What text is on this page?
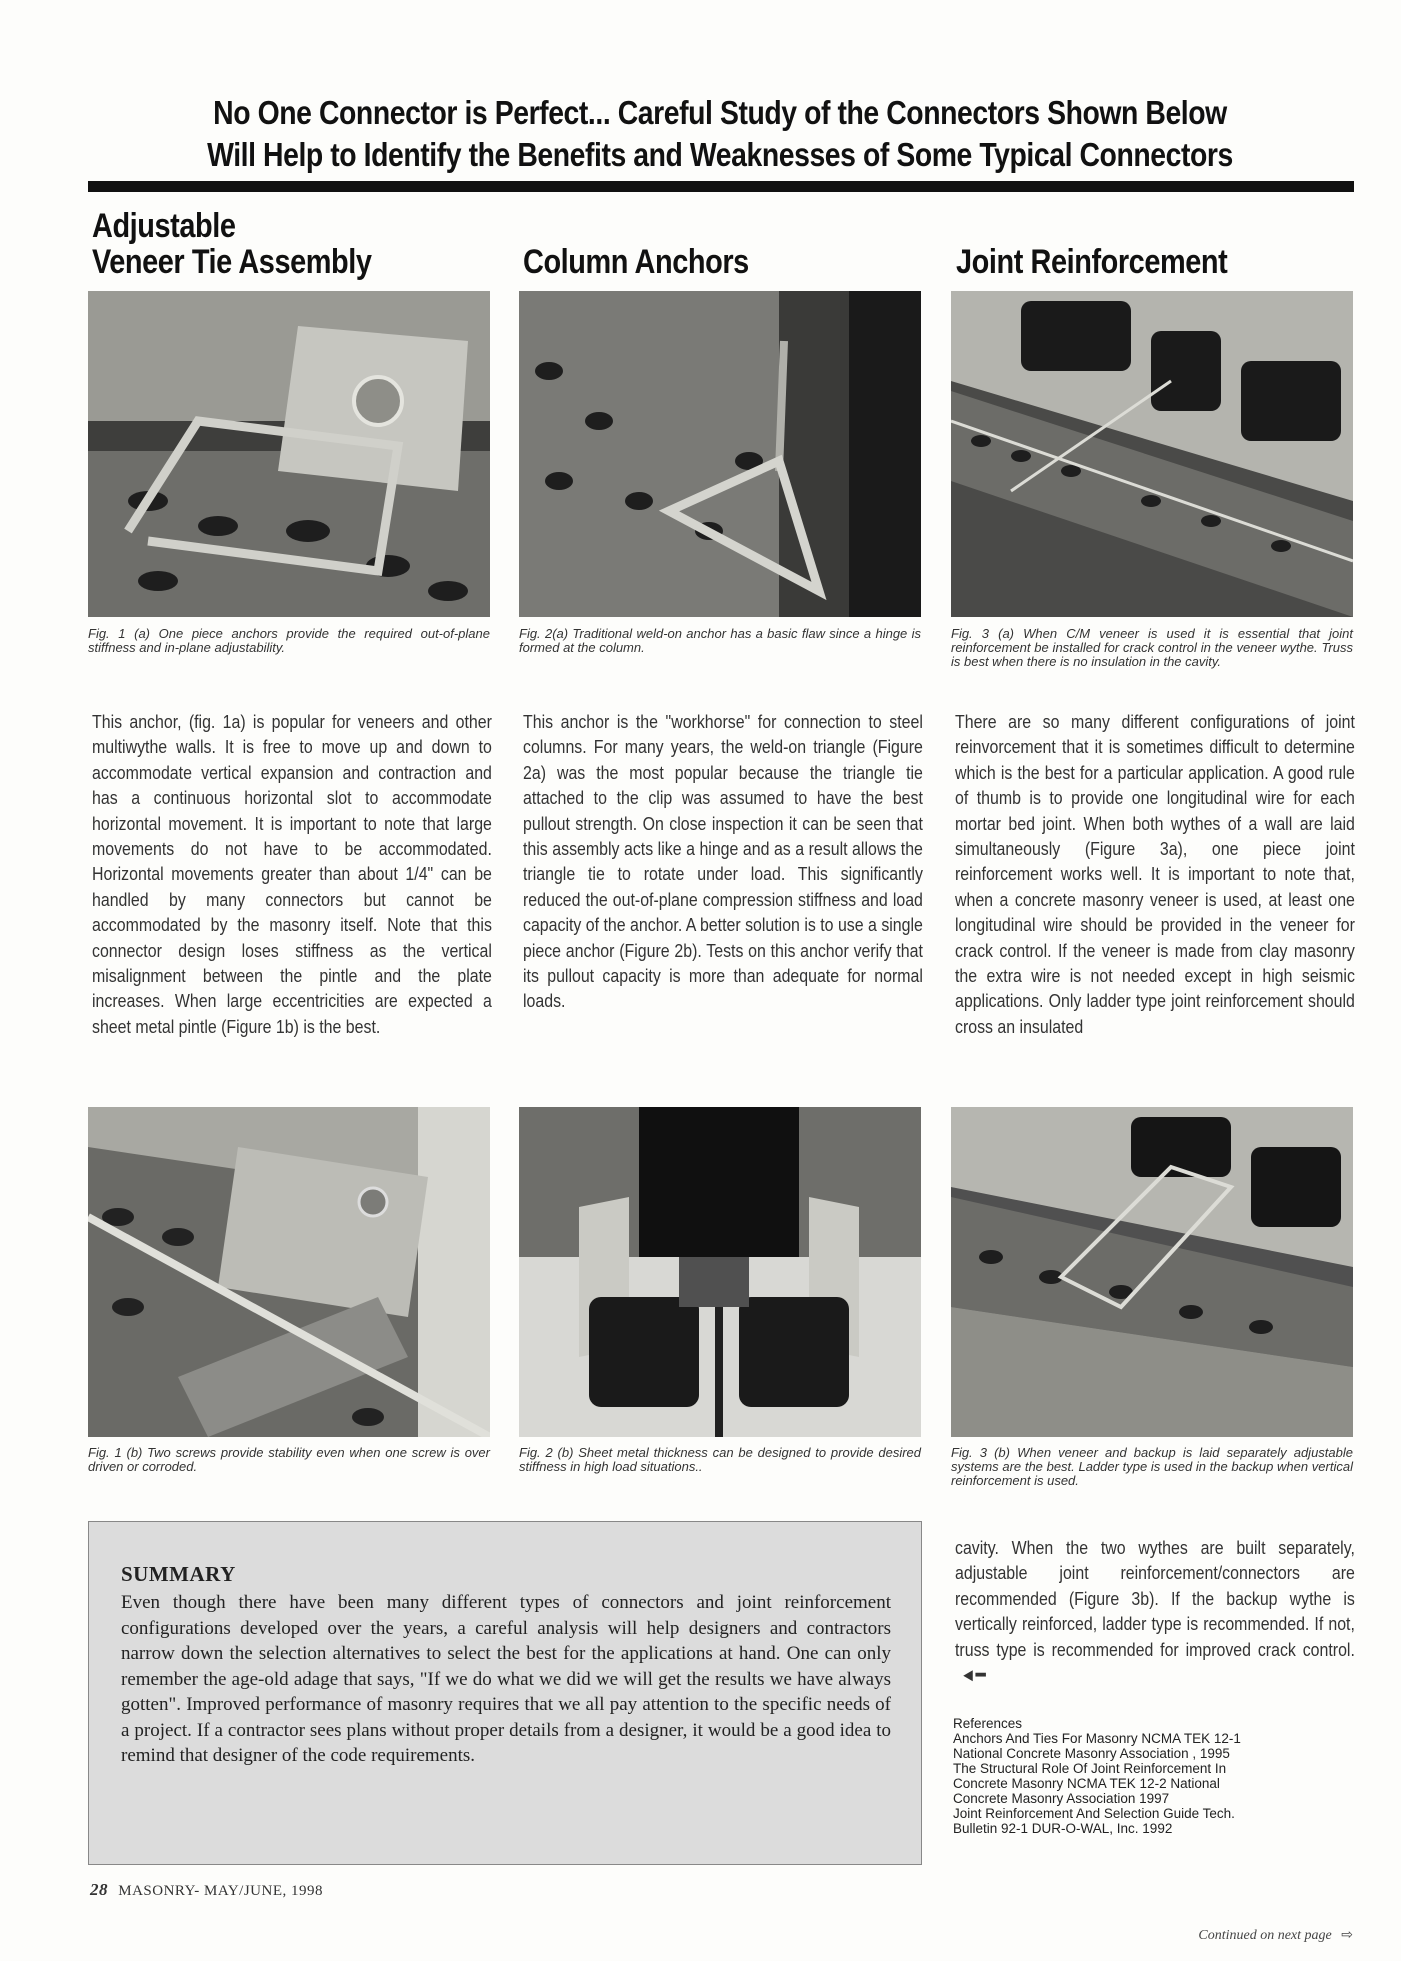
No One Connector is Perfect... Careful Study of the Connectors Shown Below
Will Help to Identify the Benefits and Weaknesses of Some Typical Connectors
Adjustable
Veneer Tie Assembly	Column Anchors	Joint Reinforcement
Fig. 1 (a) One piece anchors provide the required out-of-plane stiffness and in-plane adjustability.
Fig. 2(a) Traditional weld-on anchor has a basic flaw since a hinge is formed at the column.
Fig. 3 (a) When C/M veneer is used it is essential that joint reinforcement be installed for crack control in the veneer wythe. Truss is best when there is no insulation in the cavity.
This anchor, (fig. 1a) is popular for veneers and other multiwythe walls. It is free to move up and down to accommodate vertical expansion and contraction and has a continuous horizontal slot to accommodate horizontal movement. It is important to note that large movements do not have to be accommodated. Horizontal movements greater than about 1/4" can be handled by many connectors but cannot be accommodated by the masonry itself. Note that this connector design loses stiffness as the vertical misalignment between the pintle and the plate increases. When large eccentricities are expected a sheet metal pintle (Figure 1b) is the best.
This anchor is the "workhorse" for connection to steel columns. For many years, the weld-on triangle (Figure 2a) was the most popular because the triangle tie attached to the clip was assumed to have the best pullout strength. On close inspection it can be seen that this assembly acts like a hinge and as a result allows the triangle tie to rotate under load. This significantly reduced the out-of-plane compression stiffness and load capacity of the anchor. A better solution is to use a single piece anchor (Figure 2b). Tests on this anchor verify that its pullout capacity is more than adequate for normal loads.
There are so many different configurations of joint reinvorcement that it is sometimes difficult to determine which is the best for a particular application. A good rule of thumb is to provide one longitudinal wire for each mortar bed joint. When both wythes of a wall are laid simultaneously (Figure 3a), one piece joint reinforcement works well. It is important to note that, when a concrete masonry veneer is used, at least one longitudinal wire should be provided in the veneer for crack control. If the veneer is made from clay masonry the extra wire is not needed except in high seismic applications. Only ladder type joint reinforcement should cross an insulated
Fig. 1 (b) Two screws provide stability even when one screw is over driven or corroded.
Fig. 2 (b) Sheet metal thickness can be designed to provide desired stiffness in high load situations..
Fig. 3 (b) When veneer and backup is laid separately adjustable systems are the best. Ladder type is used in the backup when vertical reinforcement is used.
SUMMARY
Even though there have been many different types of connectors and joint reinforcement configurations developed over the years, a careful analysis will help designers and contractors narrow down the selection alternatives to select the best for the applications at hand. One can only remember the age-old adage that says, "If we do what we did we will get the results we have always gotten". Improved performance of masonry requires that we all pay attention to the specific needs of a project. If a contractor sees plans without proper details from a designer, it would be a good idea to remind that designer of the code requirements.
cavity. When the two wythes are built separately, adjustable joint reinforcement/connectors are recommended (Figure 3b). If the backup wythe is vertically reinforced, ladder type is recommended. If not, truss type is recommended for improved crack control. ◄━
References
Anchors And Ties For Masonry NCMA TEK 12-1
National Concrete Masonry Association , 1995
The Structural Role Of Joint Reinforcement In
Concrete Masonry NCMA TEK 12-2 National
Concrete Masonry Association 1997
Joint Reinforcement And Selection Guide Tech.
Bulletin 92-1 DUR-O-WAL, Inc. 1992
28 MASONRY- MAY/JUNE, 1998
Continued on next page ⇨
